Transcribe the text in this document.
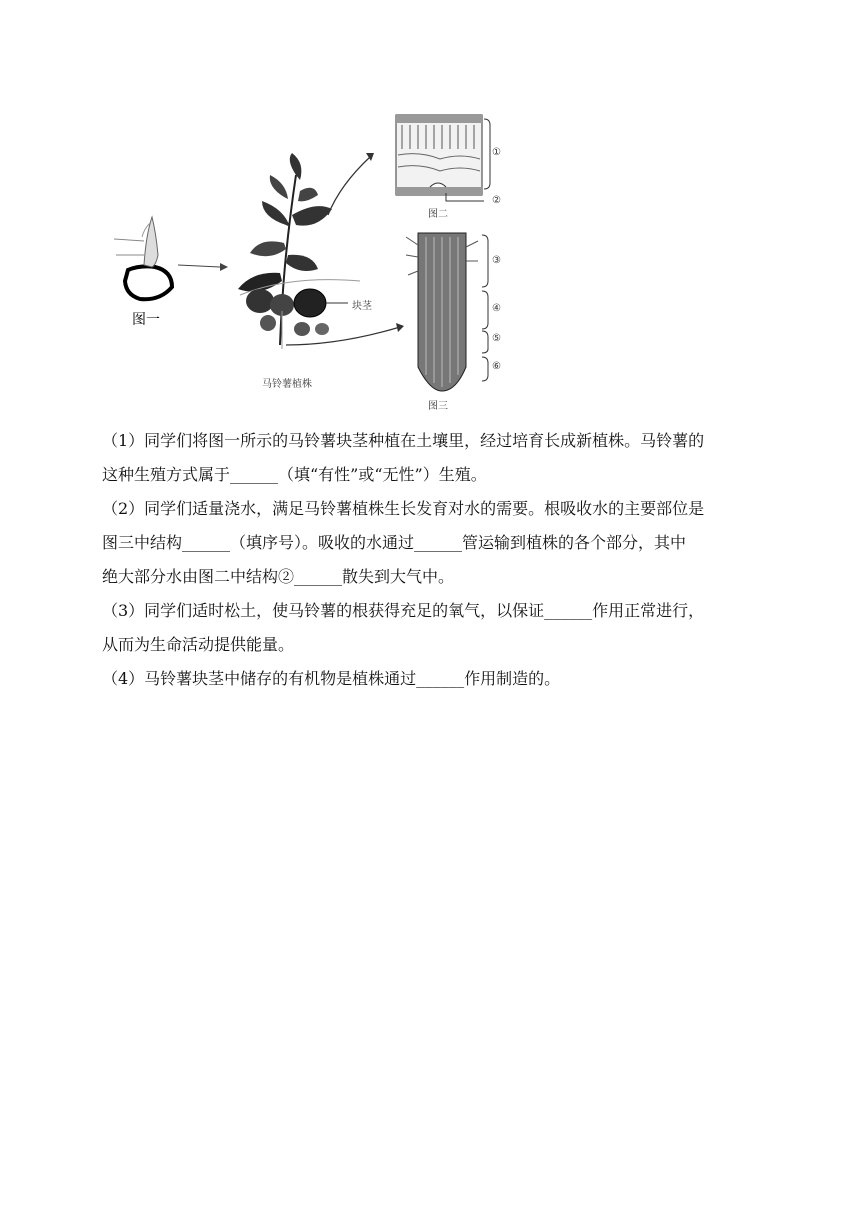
图一
马铃薯植株
块茎
图二
图三
①
②
③
④
⑤
⑥

（1）同学们将图一所示的马铃薯块茎种植在土壤里，经过培育长成新植株。马铃薯的
这种生殖方式属于______（填“有性”或“无性”）生殖。

（2）同学们适量浇水，满足马铃薯植株生长发育对水的需要。根吸收水的主要部位是
图三中结构______（填序号）。吸收的水通过______管运输到植株的各个部分，其中
绝大部分水由图二中结构②______散失到大气中。

（3）同学们适时松土，使马铃薯的根获得充足的氧气，以保证______作用正常进行，
从而为生命活动提供能量。

（4）马铃薯块茎中储存的有机物是植株通过______作用制造的。
